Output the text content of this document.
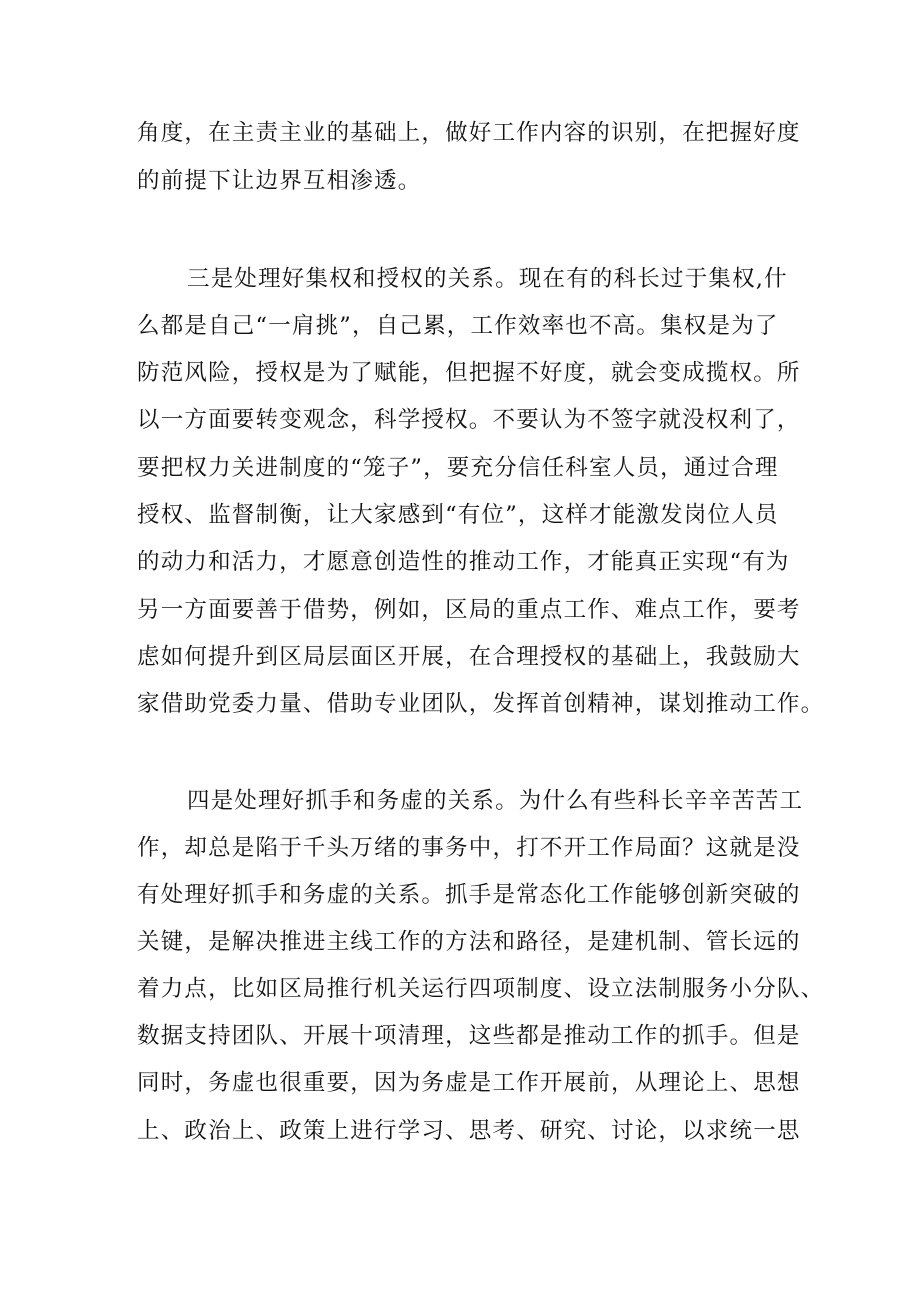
角度，在主责主业的基础上，做好工作内容的识别，在把握好度
的前提下让边界互相渗透。
三是处理好集权和授权的关系。现在有的科长过于集权,什
么都是自己“一肩挑”，自己累，工作效率也不高。集权是为了
防范风险，授权是为了赋能，但把握不好度，就会变成揽权。所
以一方面要转变观念，科学授权。不要认为不签字就没权利了，
要把权力关进制度的“笼子”，要充分信任科室人员，通过合理
授权、监督制衡，让大家感到“有位”，这样才能激发岗位人员
的动力和活力，才愿意创造性的推动工作，才能真正实现“有为
另一方面要善于借势，例如，区局的重点工作、难点工作，要考
虑如何提升到区局层面区开展，在合理授权的基础上，我鼓励大
家借助党委力量、借助专业团队，发挥首创精神，谋划推动工作。
四是处理好抓手和务虚的关系。为什么有些科长辛辛苦苦工
作，却总是陷于千头万绪的事务中，打不开工作局面？这就是没
有处理好抓手和务虚的关系。抓手是常态化工作能够创新突破的
关键，是解决推进主线工作的方法和路径，是建机制、管长远的
着力点，比如区局推行机关运行四项制度、设立法制服务小分队、
数据支持团队、开展十项清理，这些都是推动工作的抓手。但是
同时，务虚也很重要，因为务虚是工作开展前，从理论上、思想
上、政治上、政策上进行学习、思考、研究、讨论，以求统一思
